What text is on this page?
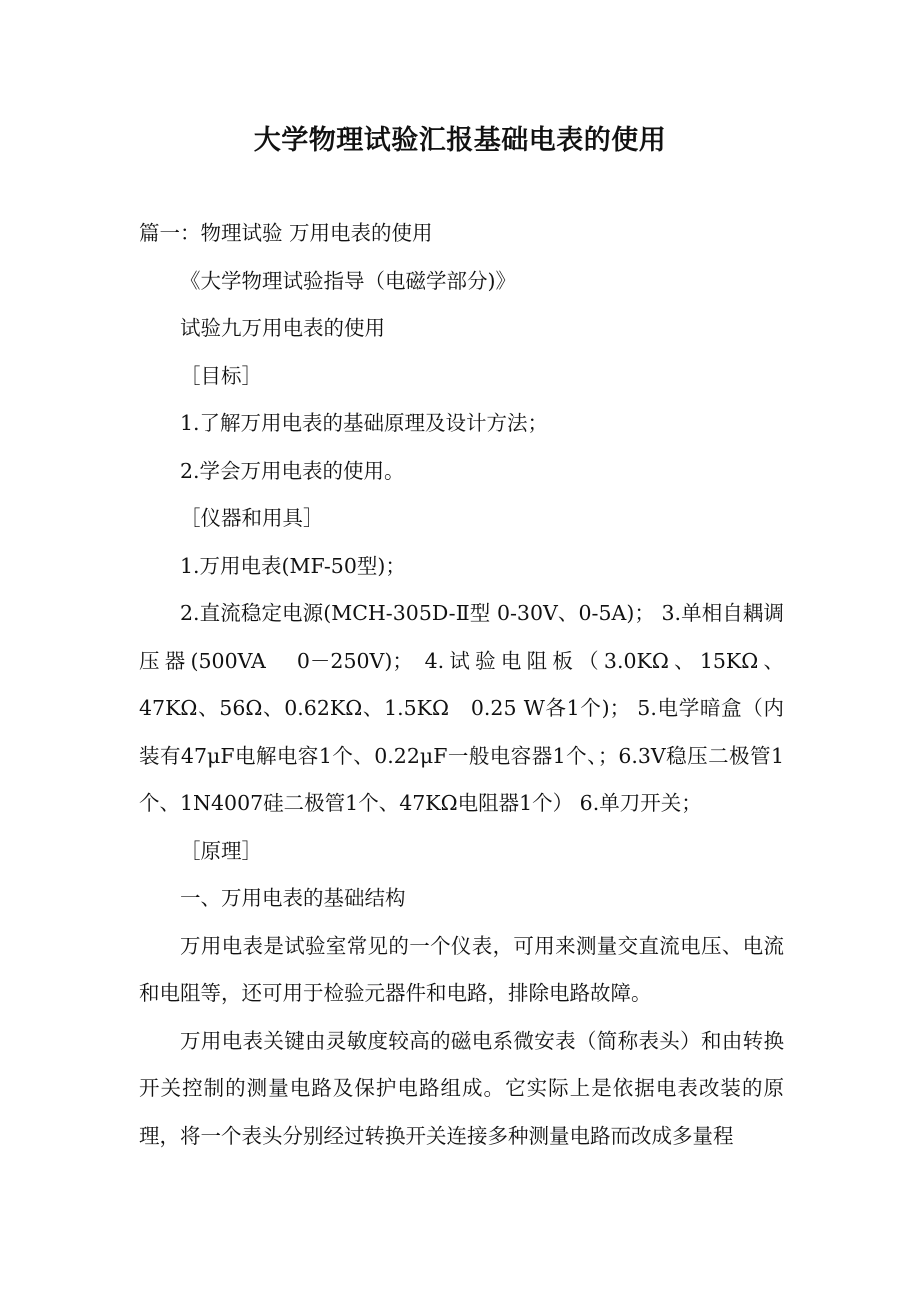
大学物理试验汇报基础电表的使用

篇一：物理试验 万用电表的使用

《大学物理试验指导（电磁学部分)》

试验九万用电表的使用

［目标］

1.了解万用电表的基础原理及设计方法；

2.学会万用电表的使用。

［仪器和用具］

1.万用电表(MF-50型)；

2.直流稳定电源(MCH-305D-Ⅱ型 0-30V、0-5A)； 3.单相自耦调压器(500VA　0－250V)； 4.试验电阻板（3.0KΩ、15KΩ、47KΩ、56Ω、0.62KΩ、1.5KΩ　0.25 W各1个)； 5.电学暗盒（内装有47μF电解电容1个、0.22μF一般电容器1个、；6.3V稳压二极管1个、1N4007硅二极管1个、47KΩ电阻器1个） 6.单刀开关；

［原理］

一、万用电表的基础结构

万用电表是试验室常见的一个仪表，可用来测量交直流电压、电流和电阻等，还可用于检验元器件和电路，排除电路故障。

万用电表关键由灵敏度较高的磁电系微安表（简称表头）和由转换开关控制的测量电路及保护电路组成。它实际上是依据电表改装的原理，将一个表头分别经过转换开关连接多种测量电路而改成多量程
